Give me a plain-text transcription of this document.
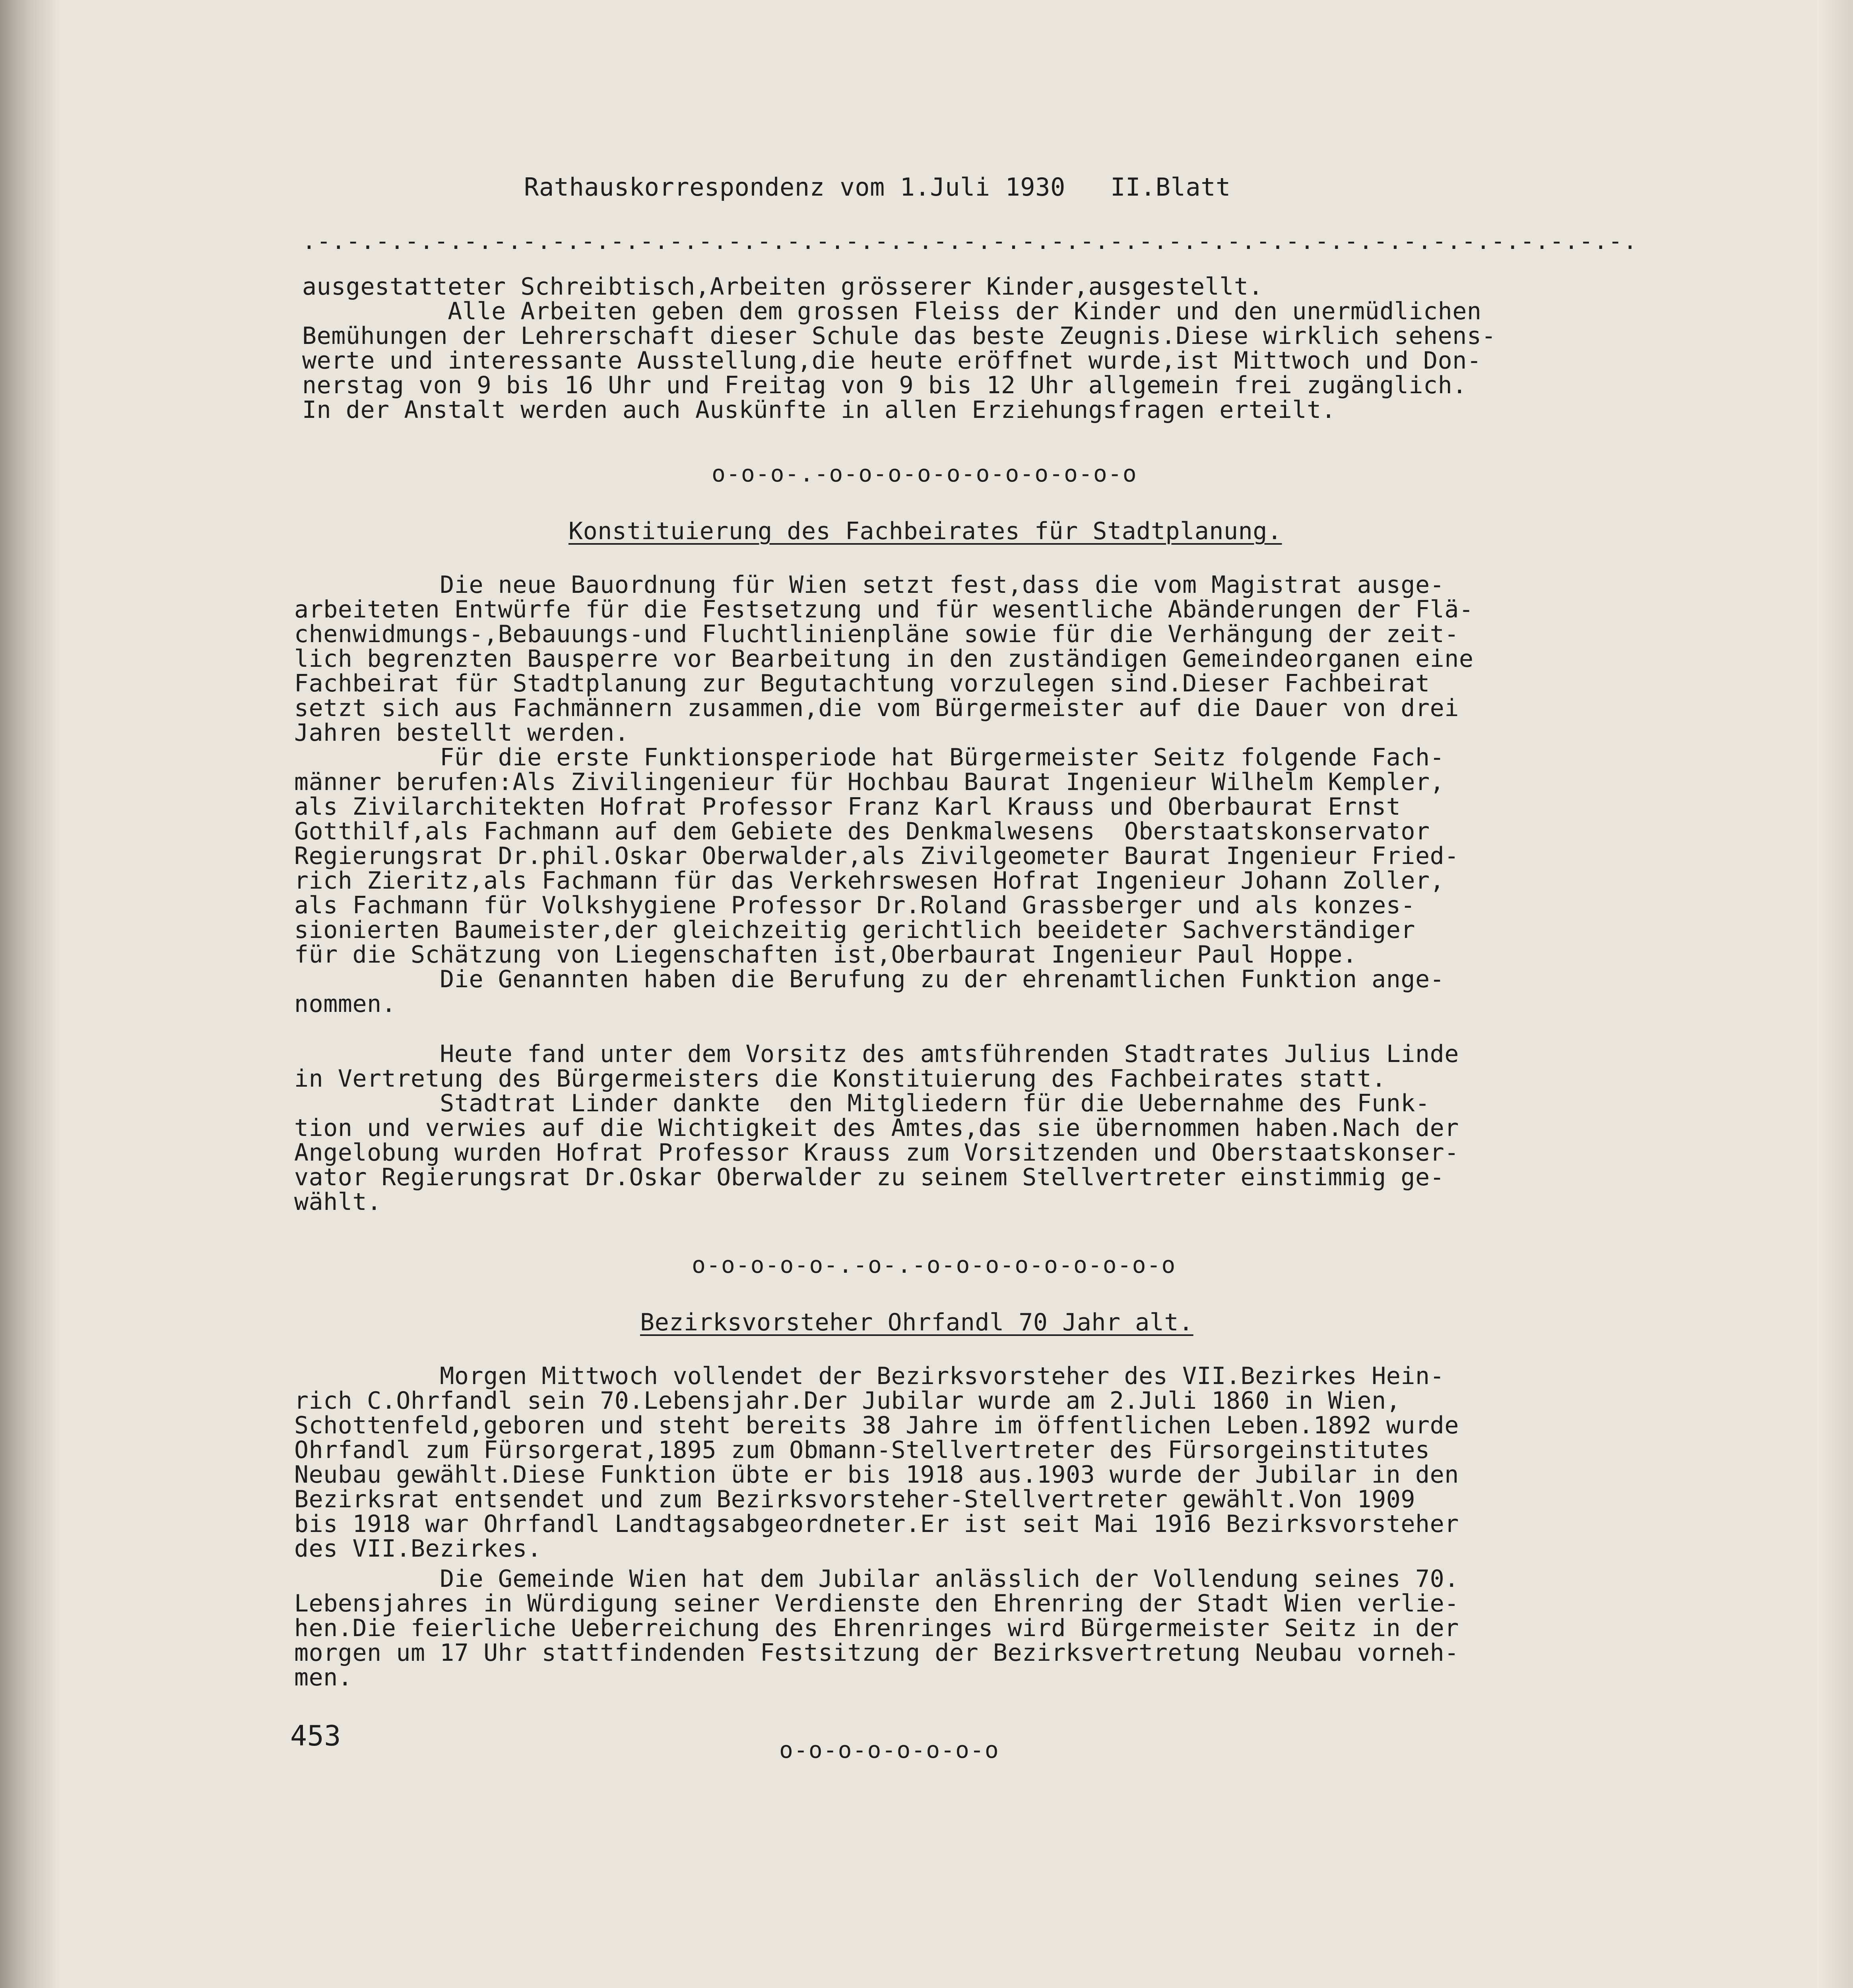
Rathauskorrespondenz vom 1.Juli 1930   II.Blatt
.-.-.-.-.-.-.-.-.-.-.-.-.-.-.-.-.-.-.-.-.-.-.-.-.-.-.-.-.-.-.-.-.-.-.-.-.-.-.-.-.-.-.-.-.-.
ausgestatteter Schreibtisch,Arbeiten grösserer Kinder,ausgestellt.
Alle Arbeiten geben dem grossen Fleiss der Kinder und den unermüdlichen
Bemühungen der Lehrerschaft dieser Schule das beste Zeugnis.Diese wirklich sehens-
werte und interessante Ausstellung,die heute eröffnet wurde,ist Mittwoch und Don-
nerstag von 9 bis 16 Uhr und Freitag von 9 bis 12 Uhr allgemein frei zugänglich.
In der Anstalt werden auch Auskünfte in allen Erziehungsfragen erteilt.
o-o-o-.-o-o-o-o-o-o-o-o-o-o-o
Konstituierung des Fachbeirates für Stadtplanung.
Die neue Bauordnung für Wien setzt fest,dass die vom Magistrat ausge-
arbeiteten Entwürfe für die Festsetzung und für wesentliche Abänderungen der Flä-
chenwidmungs-,Bebauungs-und Fluchtlinienpläne sowie für die Verhängung der zeit-
lich begrenzten Bausperre vor Bearbeitung in den zuständigen Gemeindeorganen eine
Fachbeirat für Stadtplanung zur Begutachtung vorzulegen sind.Dieser Fachbeirat
setzt sich aus Fachmännern zusammen,die vom Bürgermeister auf die Dauer von drei
Jahren bestellt werden.
Für die erste Funktionsperiode hat Bürgermeister Seitz folgende Fach-
männer berufen:Als Zivilingenieur für Hochbau Baurat Ingenieur Wilhelm Kempler,
als Zivilarchitekten Hofrat Professor Franz Karl Krauss und Oberbaurat Ernst
Gotthilf,als Fachmann auf dem Gebiete des Denkmalwesens  Oberstaatskonservator
Regierungsrat Dr.phil.Oskar Oberwalder,als Zivilgeometer Baurat Ingenieur Fried-
rich Zieritz,als Fachmann für das Verkehrswesen Hofrat Ingenieur Johann Zoller,
als Fachmann für Volkshygiene Professor Dr.Roland Grassberger und als konzes-
sionierten Baumeister,der gleichzeitig gerichtlich beeideter Sachverständiger
für die Schätzung von Liegenschaften ist,Oberbaurat Ingenieur Paul Hoppe.
Die Genannten haben die Berufung zu der ehrenamtlichen Funktion ange-
nommen.
Heute fand unter dem Vorsitz des amtsführenden Stadtrates Julius Linde
in Vertretung des Bürgermeisters die Konstituierung des Fachbeirates statt.
Stadtrat Linder dankte  den Mitgliedern für die Uebernahme des Funk-
tion und verwies auf die Wichtigkeit des Amtes,das sie übernommen haben.Nach der
Angelobung wurden Hofrat Professor Krauss zum Vorsitzenden und Oberstaatskonser-
vator Regierungsrat Dr.Oskar Oberwalder zu seinem Stellvertreter einstimmig ge-
wählt.
o-o-o-o-o-.-o-.-o-o-o-o-o-o-o-o-o
Bezirksvorsteher Ohrfandl 70 Jahr alt.
Morgen Mittwoch vollendet der Bezirksvorsteher des VII.Bezirkes Hein-
rich C.Ohrfandl sein 70.Lebensjahr.Der Jubilar wurde am 2.Juli 1860 in Wien,
Schottenfeld,geboren und steht bereits 38 Jahre im öffentlichen Leben.1892 wurde
Ohrfandl zum Fürsorgerat,1895 zum Obmann-Stellvertreter des Fürsorgeinstitutes
Neubau gewählt.Diese Funktion übte er bis 1918 aus.1903 wurde der Jubilar in den
Bezirksrat entsendet und zum Bezirksvorsteher-Stellvertreter gewählt.Von 1909
bis 1918 war Ohrfandl Landtagsabgeordneter.Er ist seit Mai 1916 Bezirksvorsteher
des VII.Bezirkes.
Die Gemeinde Wien hat dem Jubilar anlässlich der Vollendung seines 70.
Lebensjahres in Würdigung seiner Verdienste den Ehrenring der Stadt Wien verlie-
hen.Die feierliche Ueberreichung des Ehrenringes wird Bürgermeister Seitz in der
morgen um 17 Uhr stattfindenden Festsitzung der Bezirksvertretung Neubau vorneh-
men.
453	o-o-o-o-o-o-o-o
